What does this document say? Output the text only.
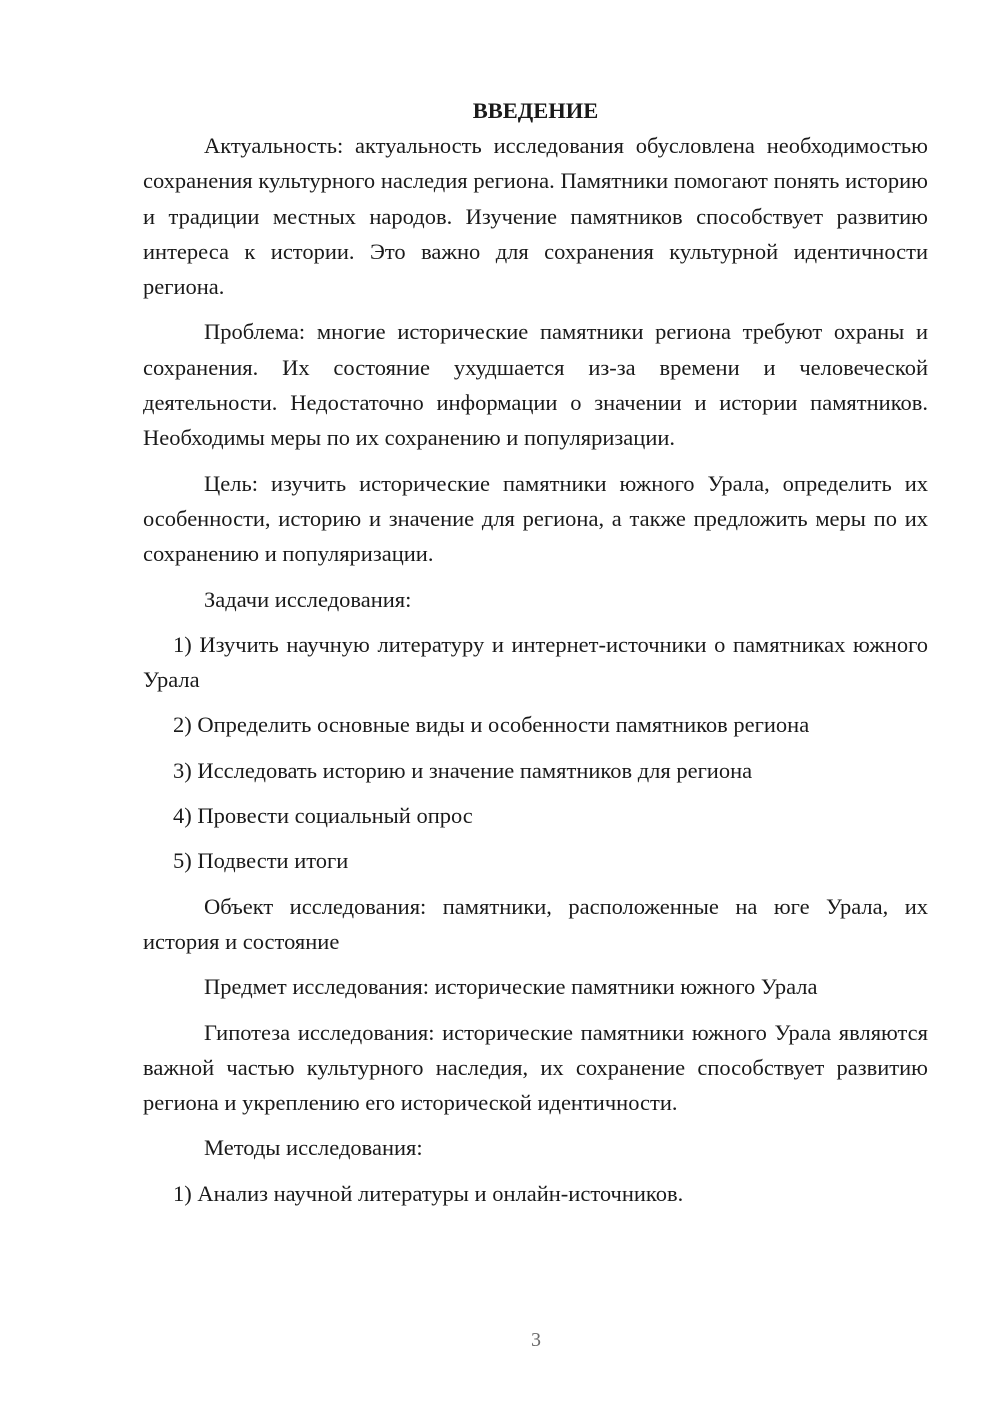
ВВЕДЕНИЕ

Актуальность: актуальность исследования обусловлена необходимостью сохранения культурного наследия региона. Памятники помогают понять историю и традиции местных народов. Изучение памятников способствует развитию интереса к истории. Это важно для сохранения культурной идентичности региона.

Проблема: многие исторические памятники региона требуют охраны и сохранения. Их состояние ухудшается из-за времени и человеческой деятельности. Недостаточно информации о значении и истории памятников. Необходимы меры по их сохранению и популяризации.

Цель: изучить исторические памятники южного Урала, определить их особенности, историю и значение для региона, а также предложить меры по их сохранению и популяризации.

Задачи исследования:

1) Изучить научную литературу и интернет-источники о памятниках южного Урала

2) Определить основные виды и особенности памятников региона

3) Исследовать историю и значение памятников для региона

4) Провести социальный опрос

5) Подвести итоги

Объект исследования: памятники, расположенные на юге Урала, их история и состояние

Предмет исследования: исторические памятники южного Урала

Гипотеза исследования: исторические памятники южного Урала являются важной частью культурного наследия, их сохранение способствует развитию региона и укреплению его исторической идентичности.

Методы исследования:

1) Анализ научной литературы и онлайн-источников.

3
